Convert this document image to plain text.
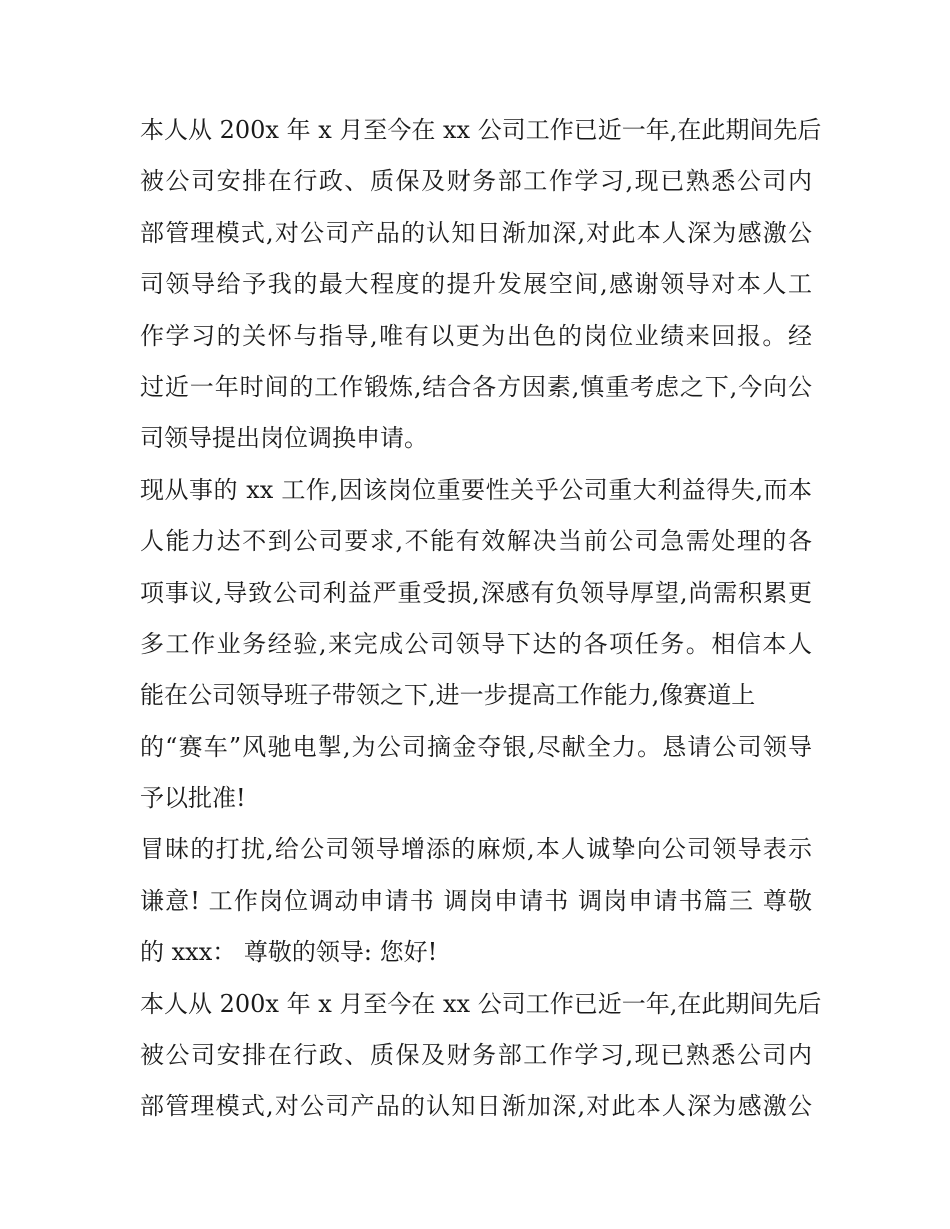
本人从 200x 年 x 月至今在 xx 公司工作已近一年,在此期间先后
被公司安排在行政、质保及财务部工作学习,现已熟悉公司内
部管理模式,对公司产品的认知日渐加深,对此本人深为感激公
司领导给予我的最大程度的提升发展空间,感谢领导对本人工
作学习的关怀与指导,唯有以更为出色的岗位业绩来回报。经
过近一年时间的工作锻炼,结合各方因素,慎重考虑之下,今向公
司领导提出岗位调换申请。
现从事的 xx 工作,因该岗位重要性关乎公司重大利益得失,而本
人能力达不到公司要求,不能有效解决当前公司急需处理的各
项事议,导致公司利益严重受损,深感有负领导厚望,尚需积累更
多工作业务经验,来完成公司领导下达的各项任务。相信本人
能在公司领导班子带领之下,进一步提高工作能力,像赛道上
的“赛车”风驰电掣,为公司摘金夺银,尽献全力。恳请公司领导
予以批准!
冒昧的打扰,给公司领导增添的麻烦,本人诚挚向公司领导表示
谦意! 工作岗位调动申请书 调岗申请书 调岗申请书篇三 尊敬
的 xxx： 尊敬的领导: 您好!
本人从 200x 年 x 月至今在 xx 公司工作已近一年,在此期间先后
被公司安排在行政、质保及财务部工作学习,现已熟悉公司内
部管理模式,对公司产品的认知日渐加深,对此本人深为感激公
